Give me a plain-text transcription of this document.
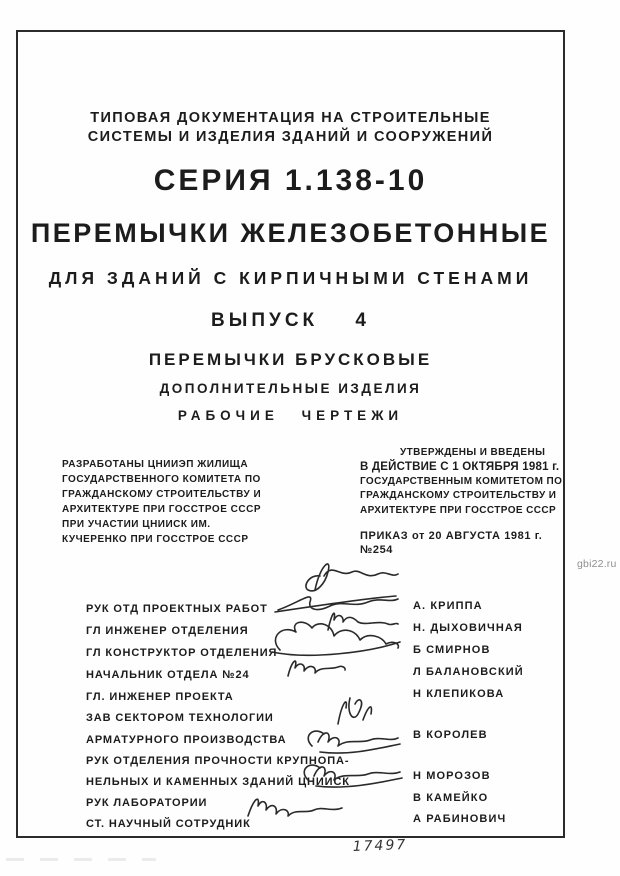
ТИПОВАЯ ДОКУМЕНТАЦИЯ НА СТРОИТЕЛЬНЫЕ
СИСТЕМЫ И ИЗДЕЛИЯ ЗДАНИЙ И СООРУЖЕНИЙ
СЕРИЯ 1.138-10
ПЕРЕМЫЧКИ ЖЕЛЕЗОБЕТОННЫЕ
ДЛЯ ЗДАНИЙ С КИРПИЧНЫМИ СТЕНАМИ
ВЫПУСК 4
ПЕРЕМЫЧКИ БРУСКОВЫЕ
ДОПОЛНИТЕЛЬНЫЕ ИЗДЕЛИЯ
РАБОЧИЕ ЧЕРТЕЖИ
РАЗРАБОТАНЫ ЦНИИЭП ЖИЛИЩА
ГОСУДАРСТВЕННОГО КОМИТЕТА ПО
ГРАЖДАНСКОМУ СТРОИТЕЛЬСТВУ И
АРХИТЕКТУРЕ ПРИ ГОССТРОЕ СССР
ПРИ УЧАСТИИ ЦНИИСК ИМ.
КУЧЕРЕНКО ПРИ ГОССТРОЕ СССР
УТВЕРЖДЕНЫ И ВВЕДЕНЫ
В ДЕЙСТВИЕ С 1 ОКТЯБРЯ 1981 г.
ГОСУДАРСТВЕННЫМ КОМИТЕТОМ ПО
ГРАЖДАНСКОМУ СТРОИТЕЛЬСТВУ И
АРХИТЕКТУРЕ ПРИ ГОССТРОЕ СССР
ПРИКАЗ от 20 АВГУСТА 1981 г. №254
РУК ОТД ПРОЕКТНЫХ РАБОТ
ГЛ ИНЖЕНЕР ОТДЕЛЕНИЯ
ГЛ КОНСТРУКТОР ОТДЕЛЕНИЯ
НАЧАЛЬНИК ОТДЕЛА №24
ГЛ. ИНЖЕНЕР ПРОЕКТА
ЗАВ СЕКТОРОМ ТЕХНОЛОГИИ
АРМАТУРНОГО ПРОИЗВОДСТВА
РУК ОТДЕЛЕНИЯ ПРОЧНОСТИ КРУПНОПА-
НЕЛЬНЫХ И КАМЕННЫХ ЗДАНИЙ ЦНИИСК
РУК ЛАБОРАТОРИИ
СТ. НАУЧНЫЙ СОТРУДНИК
А. КРИППА
Н. ДЫХОВИЧНАЯ
Б СМИРНОВ
Л БАЛАНОВСКИЙ
Н КЛЕПИКОВА
В КОРОЛЕВ
Н МОРОЗОВ
В КАМЕЙКО
А РАБИНОВИЧ
17497
gbi22.ru
